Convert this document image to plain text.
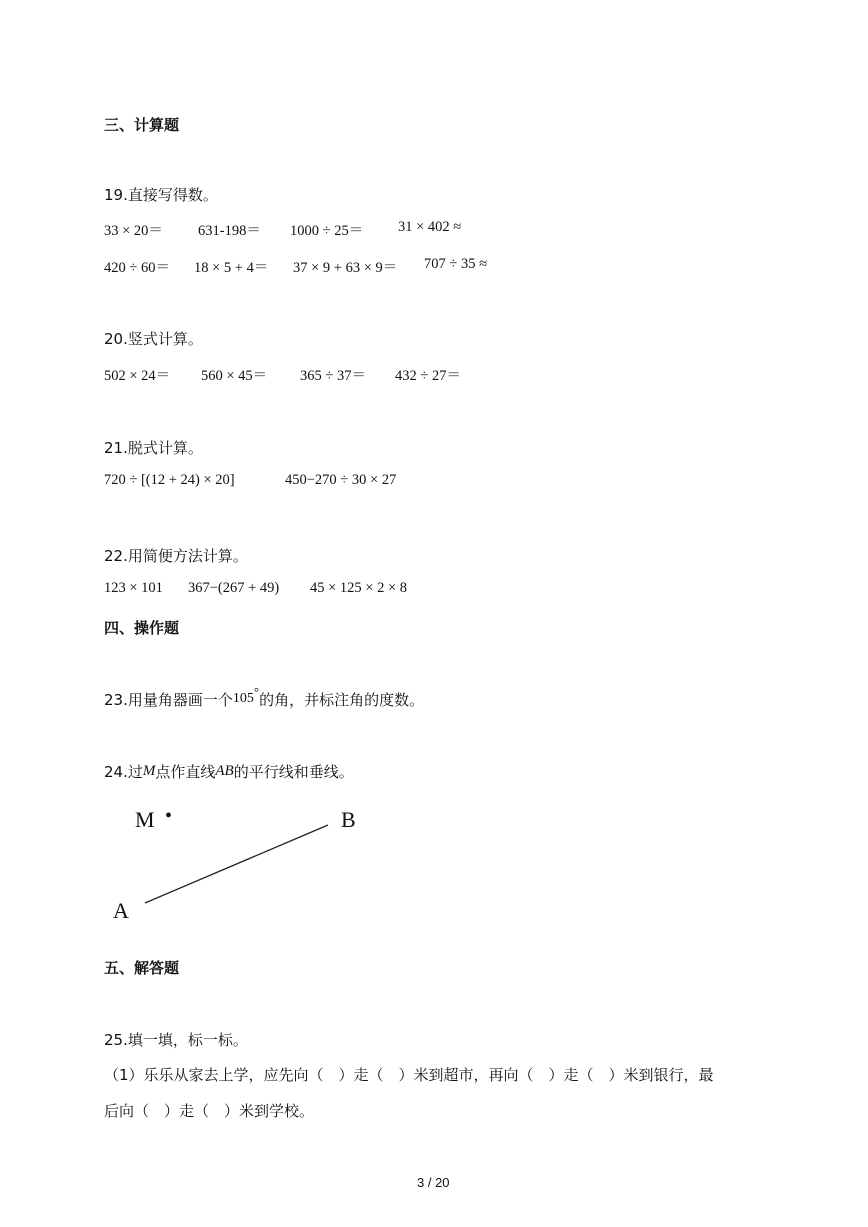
三、计算题
19.直接写得数。
33 × 20＝ 631-198＝ 1000 ÷ 25＝ 31 × 402 ≈
420 ÷ 60＝ 18 × 5 + 4＝ 37 × 9 + 63 × 9＝ 707 ÷ 35 ≈
20.竖式计算。
502 × 24＝ 560 × 45＝ 365 ÷ 37＝ 432 ÷ 27＝
21.脱式计算。
720 ÷ [(12 + 24) × 20]	450−270 ÷ 30 × 27
22.用简便方法计算。
123 × 101 367−(267 + 49) 45 × 125 × 2 × 8
四、操作题
23.用量角器画一个105°的角，并标注角的度数。
24.过M点作直线AB的平行线和垂线。
M •	B
A
五、解答题
25.填一填，标一标。
（1）乐乐从家去上学，应先向（　）走（　）米到超市，再向（　）走（　）米到银行，最
后向（　）走（　）米到学校。
3 / 20
